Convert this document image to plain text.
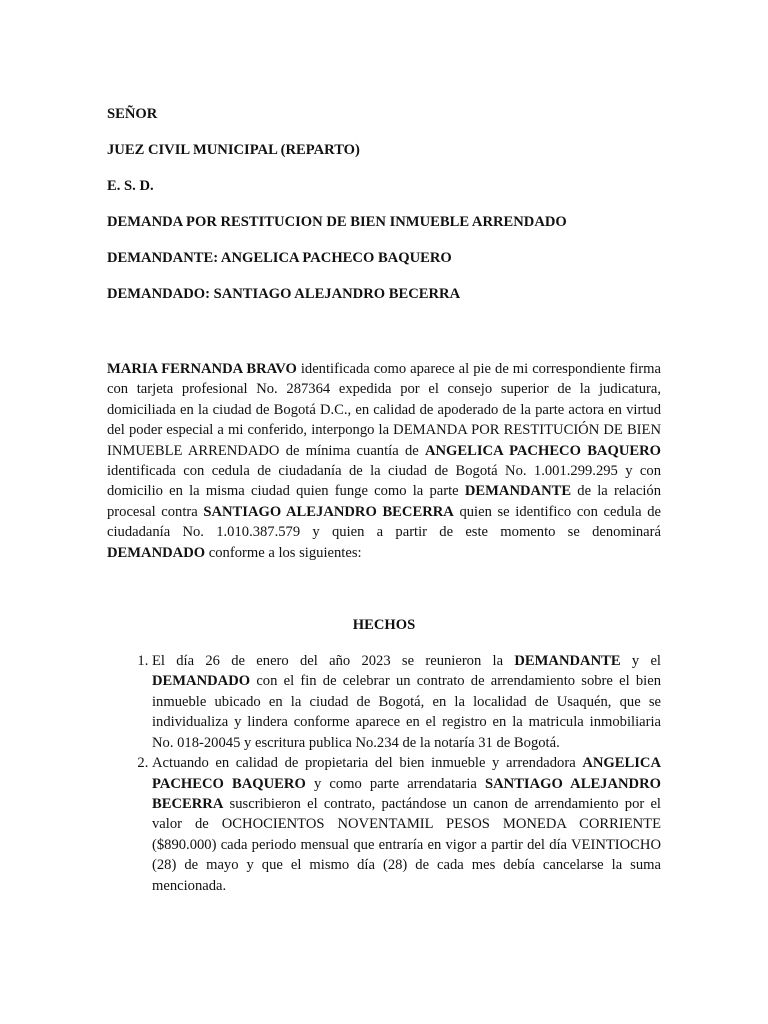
SEÑOR

JUEZ CIVIL MUNICIPAL (REPARTO)

E. S. D.

DEMANDA POR RESTITUCION DE BIEN INMUEBLE ARRENDADO

DEMANDANTE: ANGELICA PACHECO BAQUERO

DEMANDADO: SANTIAGO ALEJANDRO BECERRA

MARIA FERNANDA BRAVO identificada como aparece al pie de mi correspondiente firma con tarjeta profesional No. 287364 expedida por el consejo superior de la judicatura, domiciliada en la ciudad de Bogotá D.C., en calidad de apoderado de la parte actora en virtud del poder especial a mi conferido, interpongo la DEMANDA POR RESTITUCIÓN DE BIEN INMUEBLE ARRENDADO de mínima cuantía de ANGELICA PACHECO BAQUERO identificada con cedula de ciudadanía de la ciudad de Bogotá No. 1.001.299.295 y con domicilio en la misma ciudad quien funge como la parte DEMANDANTE de la relación procesal contra SANTIAGO ALEJANDRO BECERRA quien se identifico con cedula de ciudadanía No. 1.010.387.579 y quien a partir de este momento se denominará DEMANDADO conforme a los siguientes:

HECHOS
1. El día 26 de enero del año 2023 se reunieron la DEMANDANTE y el DEMANDADO con el fin de celebrar un contrato de arrendamiento sobre el bien inmueble ubicado en la ciudad de Bogotá, en la localidad de Usaquén, que se individualiza y lindera conforme aparece en el registro en la matricula inmobiliaria No. 018-20045 y escritura publica No.234 de la notaría 31 de Bogotá.
2. Actuando en calidad de propietaria del bien inmueble y arrendadora ANGELICA PACHECO BAQUERO y como parte arrendataria SANTIAGO ALEJANDRO BECERRA suscribieron el contrato, pactándose un canon de arrendamiento por el valor de OCHOCIENTOS NOVENTAMIL PESOS MONEDA CORRIENTE ($890.000) cada periodo mensual que entraría en vigor a partir del día VEINTIOCHO (28) de mayo y que el mismo día (28) de cada mes debía cancelarse la suma mencionada.
